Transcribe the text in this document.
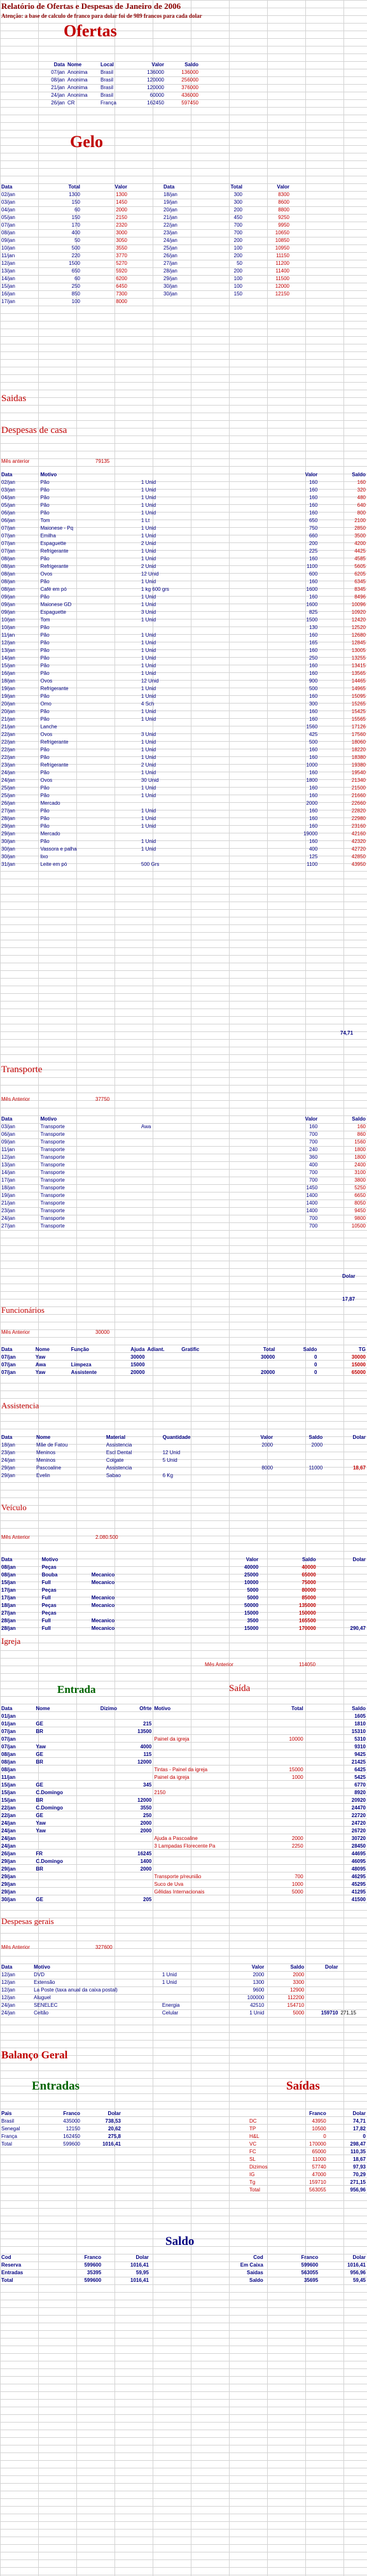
Relatório de Ofertas e Despesas de Janeiro de 2006
Atenção: a base de calculo de franco para dolar foi de 989 francos para cada dolar
Ofertas
Data	Nome	Local	Valor	Saldo
07/jan	Anonima	Brasil	136000	136000
08/jan	Anonima	Brasil	120000	256000
21/jan	Anonima	Brasil	120000	376000
24/jan	Anonima	Brasil	60000	436000
26/jan	CR	França	162450	597450
Gelo
Data	Total	Valor
02/jan	1300	1300
03/jan	150	1450
04/jan	60	2000
05/jan	150	2150
07/jan	170	2320
08/jan	400	3000
09/jan	50	3050
10/jan	500	3550
11/jan	220	3770
12/jan	1500	5270
13/jan	650	5920
14/jan	60	6200
15/jan	250	6450
16/jan	850	7300
17/jan	100	8000
Data	Total	Valor
18/jan	300	8300
19/jan	300	8600
20/jan	200	8800
21/jan	450	9250
22/jan	700	9950
23/jan	700	10650
24/jan	200	10850
25/jan	100	10950
26/jan	200	11150
27/jan	50	11200
28/jan	200	11400
29/jan	100	11500
30/jan	100	12000
30/jan	150	12150
Saidas
Despesas de casa
Mês anterior	79135
Data	Motivo		Valor	Saldo
02/jan	Pão	1 Unid	160	160
03/jan	Pão	1 Unid	160	320
04/jan	Pão	1 Unid	160	480
05/jan	Pão	1 Unid	160	640
06/jan	Pão	1 Unid	160	800
06/jan	Tom	1 Lt	650	2100
07/jan	Maionese - Pq	1 Unid	750	2850
07/jan	Emilha	1 Unid	660	3500
07/jan	Espaguette	2 Unid	200	4200
07/jan	Refrigerante	1 Unid	225	4425
08/jan	Pão	1 Unid	160	4585
08/jan	Refrigerante	2 Unid	1100	5605
08/jan	Ovos	12 Unid	600	6205
08/jan	Pão	1 Unid	160	6345
08/jan	Café em pó	1 kg 600 grs	1600	8345
09/jan	Pão	1 Unid	160	8496
09/jan	Maionese GD	1 Unid	1600	10096
09/jan	Espaguette	3 Unid	825	10920
10/jan	Tom	1 Unid	1500	12420
10/jan	Pão		130	12520
11/jan	Pão	1 Unid	160	12680
12/jan	Pão	1 Unid	165	12845
13/jan	Pão	1 Unid	160	13005
14/jan	Pão	1 Unid	250	13255
15/jan	Pão	1 Unid	160	13415
16/jan	Pão	1 Unid	160	13565
18/jan	Ovos	12 Unid	900	14465
19/jan	Refrigerante	1 Unid	500	14965
19/jan	Pão	1 Unid	160	15095
20/jan	Omo	4 Sch	300	15265
20/jan	Pão	1 Unid	160	15425
21/jan	Pão	1 Unid	160	15565
21/jan	Lanche		1560	17126
22/jan	Ovos	3 Unid	425	17560
22/jan	Refrigerante	1 Unid	500	18060
22/jan	Pão	1 Unid	160	18220
22/jan	Pão	1 Unid	160	18380
23/jan	Refrigerante	2 Unid	1000	19380
24/jan	Pão	1 Unid	160	19540
24/jan	Ovos	30 Unid	1800	21340
25/jan	Pão	1 Unid	160	21500
25/jan	Pão	1 Unid	160	21660
26/jan	Mercado		2000	22660
27/jan	Pão	1 Unid	160	22820
28/jan	Pão	1 Unid	160	22980
29/jan	Pão	1 Unid	160	23160
29/jan	Mercado		19000	42160
30/jan	Pão	1 Unid	160	42320
30/jan	Vassora e palha	1 Unid	400	42720
30/jan	lixo		125	42850
31/jan	Leite em pó	500 Grs	1100	43950
74,71
Transporte
Mês Anterior	37750
Data	Motivo		Valor	Saldo
03/jan	Transporte	Awa	160	160
06/jan	Transporte		700	860
09/jan	Transporte		700	1560
11/jan	Transporte		240	1800
12/jan	Transporte		360	1800
13/jan	Transporte		400	2400
14/jan	Transporte		700	3100
17/jan	Transporte		700	3800
18/jan	Transporte		1450	5250
19/jan	Transporte		1400	6650
21/jan	Transporte		1400	8050
23/jan	Transporte		1400	9450
24/jan	Transporte		700	9800
27/jan	Transporte		700	10500
Dolar
17,87
Funcionários
Mês Anterior	30000
Data	Nome	Função	Ajuda	Adiant.	Gratific	Total	Saldo	TG
07/jan	Yaw		30000			30000	0	30000
07/jan	Awa	Limpeza	15000				0	15000
07/jan	Yaw	Assistente	20000			20000	0	65000
Assistencia
Data	Nome	Material	Quantidade	Valor	Saldo	Dolar
18/jan	Mãe de Fatou	Assistencia		2000	2000	
23/jan	Meninos	Escl Dental	12 Unid			
24/jan	Meninos	Colgate	5 Unid			
29/jan	Pascoaline	Assistencia		8000	11000	18,67
29/jan	Evelin	Sabao	6 Kg			
Veículo
Mês Anterior	2.080.500
Data	Motivo		Valor	Saldo	Dolar
08/jan	Peças		40000	40000	
08/jan	Bouba	Mecanico	25000	65000	
15/jan	Full	Mecanico	10000	75000	
17/jan	Peças		5000	80000	
17/jan	Full	Mecanico	5000	85000	
18/jan	Peças	Mecanico	50000	135000	
27/jan	Peças		15000	150000	
28/jan	Full	Mecanico	3500	165500	
28/jan	Full	Mecanico	15000	170000	290,47
Igreja
Mês Anterior	114050
Entrada	Saída
Data	Nome	Dizimo	Ofrte	Motivo	Total	Saldo
01/jan						1605
01/jan	GE		215			1810
07/jan	BR		13500			15310
07/jan				Painel da igreja	10000	5310
07/jan	Yaw		4000			9310
08/jan	GE		115			9425
08/jan	BR		12000			21425
08/jan				Tintas - Painel da igreja	15000	6425
11/jan				Painel da igreja	1000	5425
15/jan	GE		345			6770
15/jan	C.Domingo			2150		8920
15/jan	BR		12000			20920
22/jan	C.Domingo		3550			24470
22/jan	GE		250			22720
24/jan	Yaw		2000			24720
24/jan	Yaw		2000			26720
24/jan				Ajuda a Pascoaline	2000	30720
24/jan				3 Lampadas Florecente Pa	2250	28450
26/jan	FR		16245			44695
29/jan	C.Domingo		1400			46095
29/jan	BR		2000			48095
29/jan				Transporte p/reunião	700	46295
29/jan				Suco de Uva	1000	45295
29/jan				Gêlidas Internacionais	5000	41295
30/jan	GE		205			41500
Despesas gerais
Mês Anterior	327600
Data	Motivo		Valor	Saldo	Dolar	
12/jan	DVD	1 Unid	2000	2000		
12/jan	Extensão	1 Unid	1300	3300		
12/jan	La Poste (taxa anual da caixa postal)		9600	12900		
12/jan	Aluguel		100000	112200		
24/jan	SENELEC	Energia	42510	154710		
24/jan	Celtão	Celular	1 Unid	5000	159710	271,15
Balanço Geral
Entradas	Saídas
Pais	Franco	Dolar
Brasil	435000	738,53
Senegal	12150	20,62
França	162450	275,8
Total	599600	1016,41
	Franco	Dolar
DC	43950	74,71
TP	10500	17,82
H&L	0	0
VC	170000	298,47
FC	65000	110,35
SL	11000	18,67
Dizimos	57740	97,93
IG	47000	70,29
Tg	159710	271,15
Total	563055	956,96
Saldo
Cod	Franco	Dolar	Cod	Franco	Dolar
Reserva	599600	1016,41	Em Caixa	599600	1016,41
Entradas	35395	59,95	Saidas	563055	956,96
Total	599600	1016,41	Saldo	35695	59,45
